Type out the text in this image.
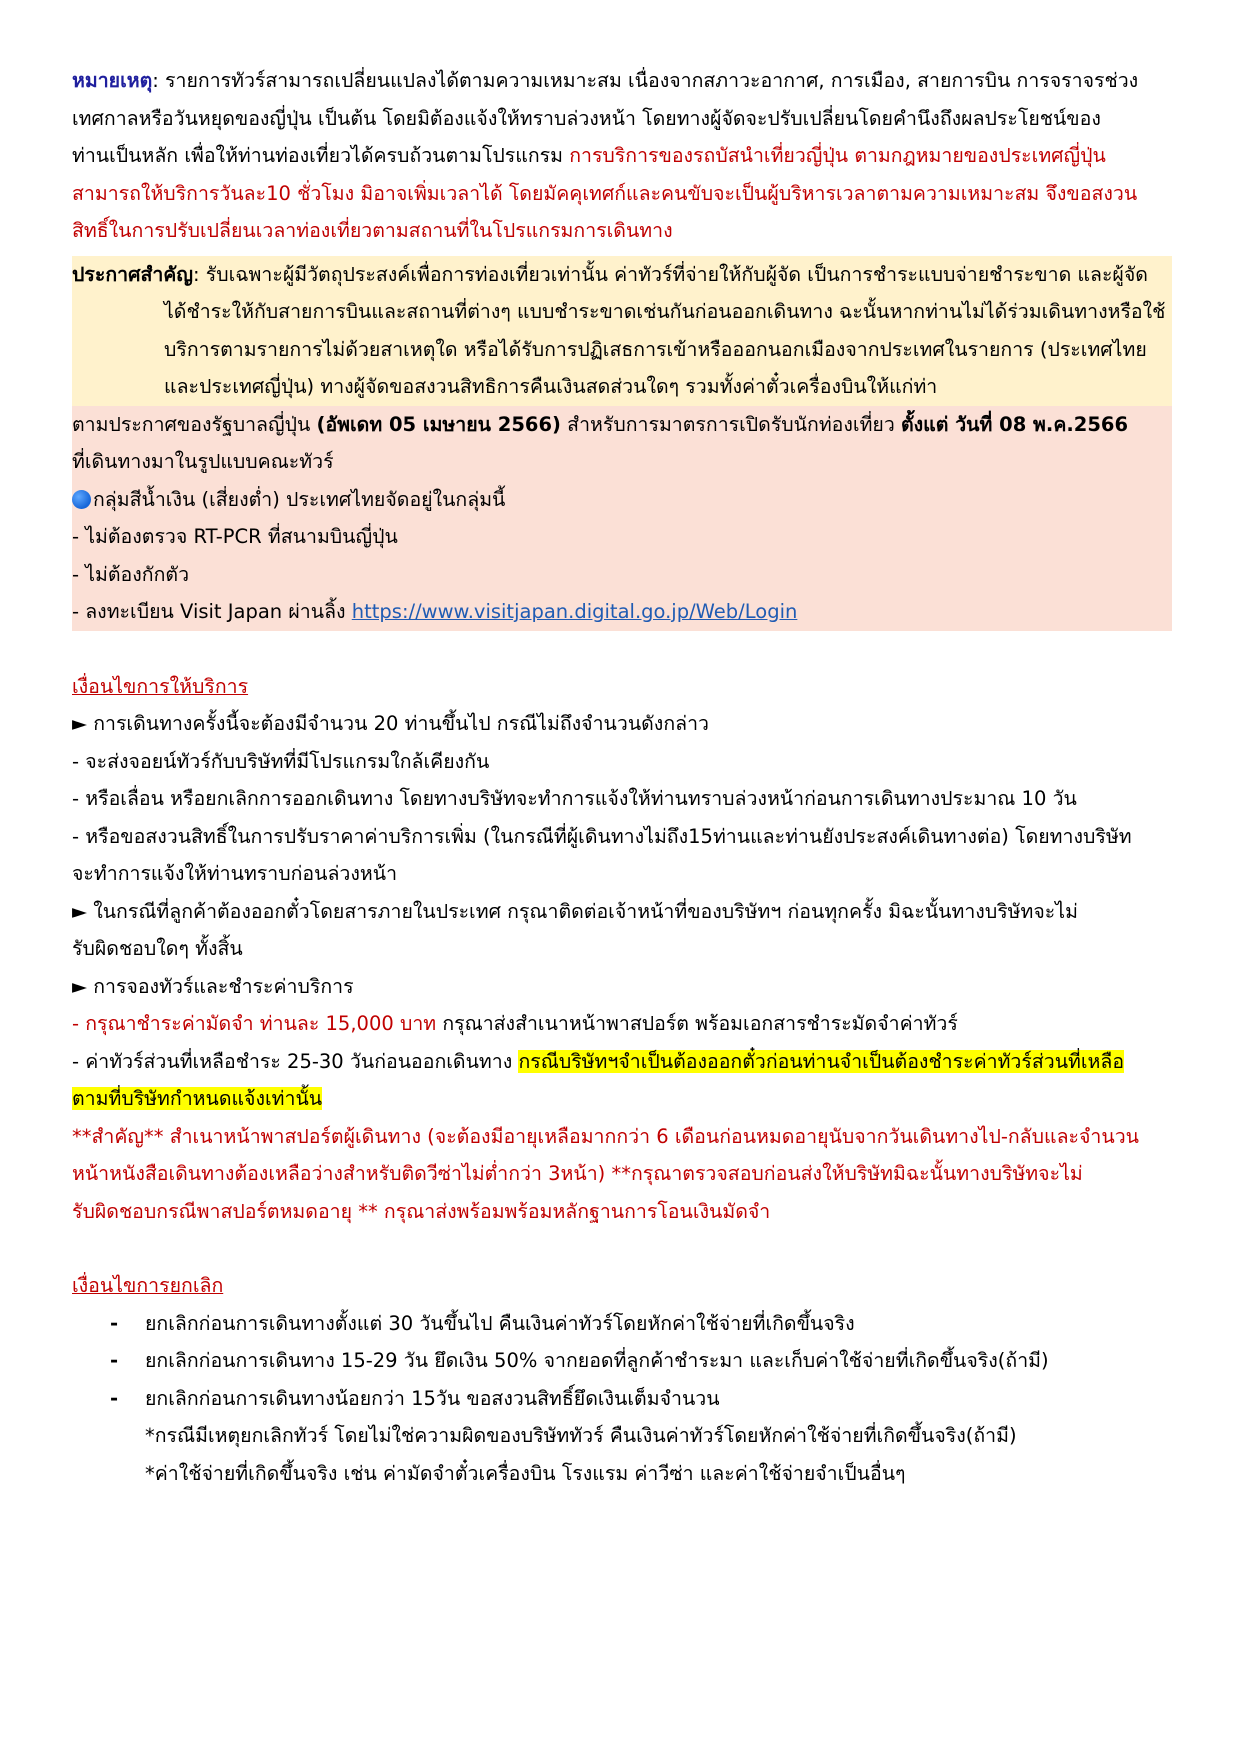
หมายเหตุ: รายการทัวร์สามารถเปลี่ยนแปลงได้ตามความเหมาะสม เนื่องจากสภาวะอากาศ, การเมือง, สายการบิน การจราจรช่วง
เทศกาลหรือวันหยุดของญี่ปุ่น เป็นต้น โดยมิต้องแจ้งให้ทราบล่วงหน้า โดยทางผู้จัดจะปรับเปลี่ยนโดยคำนึงถึงผลประโยชน์ของ
ท่านเป็นหลัก เพื่อให้ท่านท่องเที่ยวได้ครบถ้วนตามโปรแกรม การบริการของรถบัสนำเที่ยวญี่ปุ่น ตามกฎหมายของประเทศญี่ปุ่น
สามารถให้บริการวันละ10 ชั่วโมง มิอาจเพิ่มเวลาได้ โดยมัคคุเทศก์และคนขับจะเป็นผู้บริหารเวลาตามความเหมาะสม จึงขอสงวน
สิทธิ์ในการปรับเปลี่ยนเวลาท่องเที่ยวตามสถานที่ในโปรแกรมการเดินทาง
ประกาศสำคัญ: รับเฉพาะผู้มีวัตถุประสงค์เพื่อการท่องเที่ยวเท่านั้น ค่าทัวร์ที่จ่ายให้กับผู้จัด เป็นการชำระแบบจ่ายชำระขาด และผู้จัด
ได้ชำระให้กับสายการบินและสถานที่ต่างๆ แบบชำระขาดเช่นกันก่อนออกเดินทาง ฉะนั้นหากท่านไม่ได้ร่วมเดินทางหรือใช้
บริการตามรายการไม่ด้วยสาเหตุใด หรือได้รับการปฏิเสธการเข้าหรือออกนอกเมืองจากประเทศในรายการ (ประเทศไทย
และประเทศญี่ปุ่น) ทางผู้จัดขอสงวนสิทธิการคืนเงินสดส่วนใดๆ รวมทั้งค่าตั๋วเครื่องบินให้แก่ท่า
ตามประกาศของรัฐบาลญี่ปุ่น (อัพเดท 05 เมษายน 2566) สำหรับการมาตรการเปิดรับนักท่องเที่ยว ตั้งแต่ วันที่ 08 พ.ค.2566
ที่เดินทางมาในรูปแบบคณะทัวร์
กลุ่มสีน้ำเงิน (เสี่ยงต่ำ) ประเทศไทยจัดอยู่ในกลุ่มนี้
- ไม่ต้องตรวจ RT-PCR ที่สนามบินญี่ปุ่น
- ไม่ต้องกักตัว
- ลงทะเบียน Visit Japan ผ่านลิ้ง https://www.visitjapan.digital.go.jp/Web/Login
เงื่อนไขการให้บริการ
► การเดินทางครั้งนี้จะต้องมีจำนวน 20 ท่านขึ้นไป กรณีไม่ถึงจำนวนดังกล่าว
- จะส่งจอยน์ทัวร์กับบริษัทที่มีโปรแกรมใกล้เคียงกัน
- หรือเลื่อน หรือยกเลิกการออกเดินทาง โดยทางบริษัทจะทำการแจ้งให้ท่านทราบล่วงหน้าก่อนการเดินทางประมาณ 10 วัน
- หรือขอสงวนสิทธิ์ในการปรับราคาค่าบริการเพิ่ม (ในกรณีที่ผู้เดินทางไม่ถึง15ท่านและท่านยังประสงค์เดินทางต่อ) โดยทางบริษัท
จะทำการแจ้งให้ท่านทราบก่อนล่วงหน้า
► ในกรณีที่ลูกค้าต้องออกตั๋วโดยสารภายในประเทศ กรุณาติดต่อเจ้าหน้าที่ของบริษัทฯ ก่อนทุกครั้ง มิฉะนั้นทางบริษัทจะไม่
รับผิดชอบใดๆ ทั้งสิ้น
► การจองทัวร์และชำระค่าบริการ
- กรุณาชำระค่ามัดจำ ท่านละ 15,000 บาท กรุณาส่งสำเนาหน้าพาสปอร์ต พร้อมเอกสารชำระมัดจำค่าทัวร์
- ค่าทัวร์ส่วนที่เหลือชำระ 25-30 วันก่อนออกเดินทาง กรณีบริษัทฯจำเป็นต้องออกตั๋วก่อนท่านจำเป็นต้องชำระค่าทัวร์ส่วนที่เหลือ
ตามที่บริษัทกำหนดแจ้งเท่านั้น
**สำคัญ** สำเนาหน้าพาสปอร์ตผู้เดินทาง (จะต้องมีอายุเหลือมากกว่า 6 เดือนก่อนหมดอายุนับจากวันเดินทางไป-กลับและจำนวน
หน้าหนังสือเดินทางต้องเหลือว่างสำหรับติดวีซ่าไม่ต่ำกว่า 3หน้า) **กรุณาตรวจสอบก่อนส่งให้บริษัทมิฉะนั้นทางบริษัทจะไม่
รับผิดชอบกรณีพาสปอร์ตหมดอายุ ** กรุณาส่งพร้อมพร้อมหลักฐานการโอนเงินมัดจำ
เงื่อนไขการยกเลิก
- ยกเลิกก่อนการเดินทางตั้งแต่ 30 วันขึ้นไป คืนเงินค่าทัวร์โดยหักค่าใช้จ่ายที่เกิดขึ้นจริง
- ยกเลิกก่อนการเดินทาง 15-29 วัน ยึดเงิน 50% จากยอดที่ลูกค้าชำระมา และเก็บค่าใช้จ่ายที่เกิดขึ้นจริง(ถ้ามี)
- ยกเลิกก่อนการเดินทางน้อยกว่า 15วัน ขอสงวนสิทธิ์ยึดเงินเต็มจำนวน
*กรณีมีเหตุยกเลิกทัวร์ โดยไม่ใช่ความผิดของบริษัททัวร์ คืนเงินค่าทัวร์โดยหักค่าใช้จ่ายที่เกิดขึ้นจริง(ถ้ามี)
*ค่าใช้จ่ายที่เกิดขึ้นจริง เช่น ค่ามัดจำตั๋วเครื่องบิน โรงแรม ค่าวีซ่า และค่าใช้จ่ายจำเป็นอื่นๆ
